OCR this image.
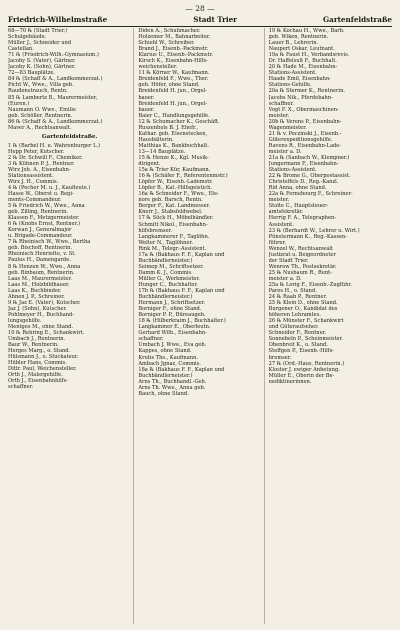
— 28 —
Friedrich-Wilhelmstraße	Stadt Trier	Gartenfeldstraße
68—70 ℞ (Stadt Trier.)
Schulgebäude.
Müller J., Schneider und
Castellan.
71 ℞ (Friedrich-Wilh.-Gymnasium.)
Jacoby S. (Vater), Gärtner.
Jacoby K. (Sohn), Gärtner.
72—83 Bauplätze.
84 ℞ (Schaff & A., Landkommerzat.)
Picht W., Wwe., Villa geb.
Raudenstrauch, Rentn.
85 ℞ Lambertz B., Maurermeister,
(Euren.)
Naumann O. Wwe., Emilie
geb. Schöller, Rentnerin.
86 ℞ (Schaff & A., Landkommerzat.)
Maver A., Rechtsanwalt.
Gartenfeldstraße.
1 ℞ (Barbel H. u. Wahrenburger L.)
Hepp Peter, Kutscher.
2 ℞ Dr. Schwill F., Chemiker.
3 ℞ Kühnen P. J., Rentner.
Wirz Joh. A., Eisenbahn-
Stationsassistent.
Wirz J. H., Commis.
4 ℞ (Pecher M. u. J., Kaufleute.)
Hasse W., Oberst u. Regi-
ments-Commandeur.
5 ℞ Friedrich W., Wwe., Anna
geb. Zilling, Rentnerin.
Klassen F., Metzgermeister.
6 ℞ (Knobs Ernst, Rentner.)
Korwan J., Generalmajor
u. Brigade-Commandeur.
7 ℞ Rheinisch W., Wwe., Bertha
geb. Bischoff, Rentnerin.
Rheinisch Henriette, v. St.
Paulus H., Damengarde.
8 ℞ Henzen W., Wwe., Anna
geb. Binbaum, Rentnerin.
Laas M., Maurermeister.
Laas M., Holzbildhauer.
Laas K., Buchbinder.
Ahnen J. P., Schreiner.
9 ℞ Jaz E. (Vater), Kutscher.
Jaz J. (Sohn), Kutscher.
Pohlmeyer H., Buchhand-
lungsgehilfe.
Mentges M., ohne Stand.
10 ℞ Rehring E., Schankwirt.
Umbach J., Rentnerin.
Baur W., Rentnerin.
Herges Marg., o. Stand.
Hülsmann J., o. Stuckateur.
Hübler Hans, Commis.
Dittr. Paul, Weichensteller.
Orth J., Malergehilfe.
Orth J., Eisenbahnhilfs-
schaffner.
Diden A., Schuhmacher.
Holzemer M., Bahnarbeiter.
Schiehl W., Schreiber.
Brand J., Eisenb.-Packmstr.
Klarius U., Eisenb.-Packmstr.
Kirsch K., Eisenbahn-Hilfs-
weichensteller.
11 ℞ Körner W., Kaufmann.
Breidenfeld F., Wwe., Ther.
geb. Höfer, ohne Stand.
Breidenfeld H. jun., Orgel-
bauer.
Breidenfeld H. jun., Orgel-
bauer.
Baier C., Handlungsgehilfe.
12 ℞ Schumacher K., Geschäft.
Ruszenhols B. J. Ehefr.,
Kathar. geb. Eisenstecken,
Hausbälterin.
Matthias K., Bankbuchhalt.
13—14 Bauplätze.
15 ℞ Henze K., Kgl. Musik-
dirigent.
15a ℞ Trier Kür, Kaufmann.
16 ℞ (Schäfer F., Referentenmstr.)
Löpfer W., Eisenb.-Lademstr.
Löpfer B., Kat.-Hilfsgeistich.
16a ℞ Schneider F., Wwe., Ele-
nore geb. Barsch, Rentn.
Berger F., Kat. Landmesser.
Knerr J., Stabsfeldwebel.
17 ℞ Sück H., Möbelhändler.
Schmitt Nikol., Eisenbahn-
hilfsbremser.
Langkammerer F., Taglöhn.
Welter N., Taglöhner.
Rink M., Telegr.-Assistent.
17a ℞ (Bakhaus F. F., Kaplan und
Buchbändlerneister.)
Seimep M., Schriftsetzer.
Damm K. J., Commis.
Müller G., Werkmeister.
Hunger C., Buchhalter.
17b ℞ (Bakhaus F. F., Kaplan und
Buchbändlerneister.)
Hermann J., Schriftsetzer.
Borniger F., ohne Stand.
Borniger P. P., Büreaugeh.
18 ℞ (Hilberkraim J., Buchhalter.)
Langkammer E., Oberleutn.
Gerhard Wilh., Eisenbahn-
schaffner.
Umbach J. Wwe., Eva geb.
Kappes, ohne Stand.
Krutis Ths., Kaufmann.
Ambach Jgnaz, Commis.
18a ℞ (Bakhaus F. F., Kaplan und
Buchbändlerneister.)
Arns Th., Buchhandl.-Geh.
Arns Th. Wwe., Anna geb.
Bauch, ohne Stand.
19 ℞ Kochau H., Wwe., Barb.
geb. Wiken, Rentnerin.
Lauer B., Lehrerin.
Naupert Oskar, Leutnant.
19a ℞ Faust H., Verbandsrevis.
Dr. Haffelsuß F., Buchhalt.
20 ℞ Hade M., Eisenbahn-
Stations-Assistent.
Haade Emil, Eisenbahn-
Stations-Gehilfe.
20a ℞ Stermer K., Rentnerin.
Jacobs Nik., Pferdebahn-
schaffner.
Vogt F. X., Obermaschinen-
meister.
20b ℞ Verens P., Eisenbahn-
Wagenmeister.
21 ℞ v. Poczinski J., Eisenb.-
Güterexpeditionsgehilfe.
Ravens R., Eisenbahn-Lade-
meister a. D.
21a ℞ (Sanbach W., Klempner.)
Jungermann F., Eisenbahn-
Stations-Assistent.
22 ℞ Brome G., Oberpostassist.
Christoffels D., Reg.-Kanzl.
Rid Anna, ohne Stand.
22a ℞ Fernebourg F., Schreiner-
meister.
Stolte C., Hauptsteuer-
amtsfekretär.
Herrig F. A., Telegraphen-
Assistent.
23 ℞ (Berhardt W., Lehrer u. Wirt.)
Pünstermann K., Reg.-Kassen-
führer.
Wenzel W., Rechtsanwalt
Justizrat u. Beigeordneter
der Stadt Trier.
Wenrow Th., Postsekretär.
25 ℞ Nusbaum R., Rent-
meister a. D.
25a ℞ Lorig F., Eisenb.-Zugführ.
Pares H., o. Stand.
24 ℞ Raab P., Rentner.
25 ℞ Klein D., ohne Stand.
Burgener O., Kandidat des
höheren Lehramtes.
26 ℞ Münster F., Schankwirt
und Güteraufseher.
Schneider F., Rentner.
Sonnebeln P., Scheinmeister.
Obenbreit K., o. Stand.
Steffgen P., Eisenb.-Hilfs-
bremser.
27 ℞ (Ord.-Haus, Rentnerin.)
Kloster J. ewiger Anbetung.
Müller E., Oberin der Be-
nediktinerinnen.
